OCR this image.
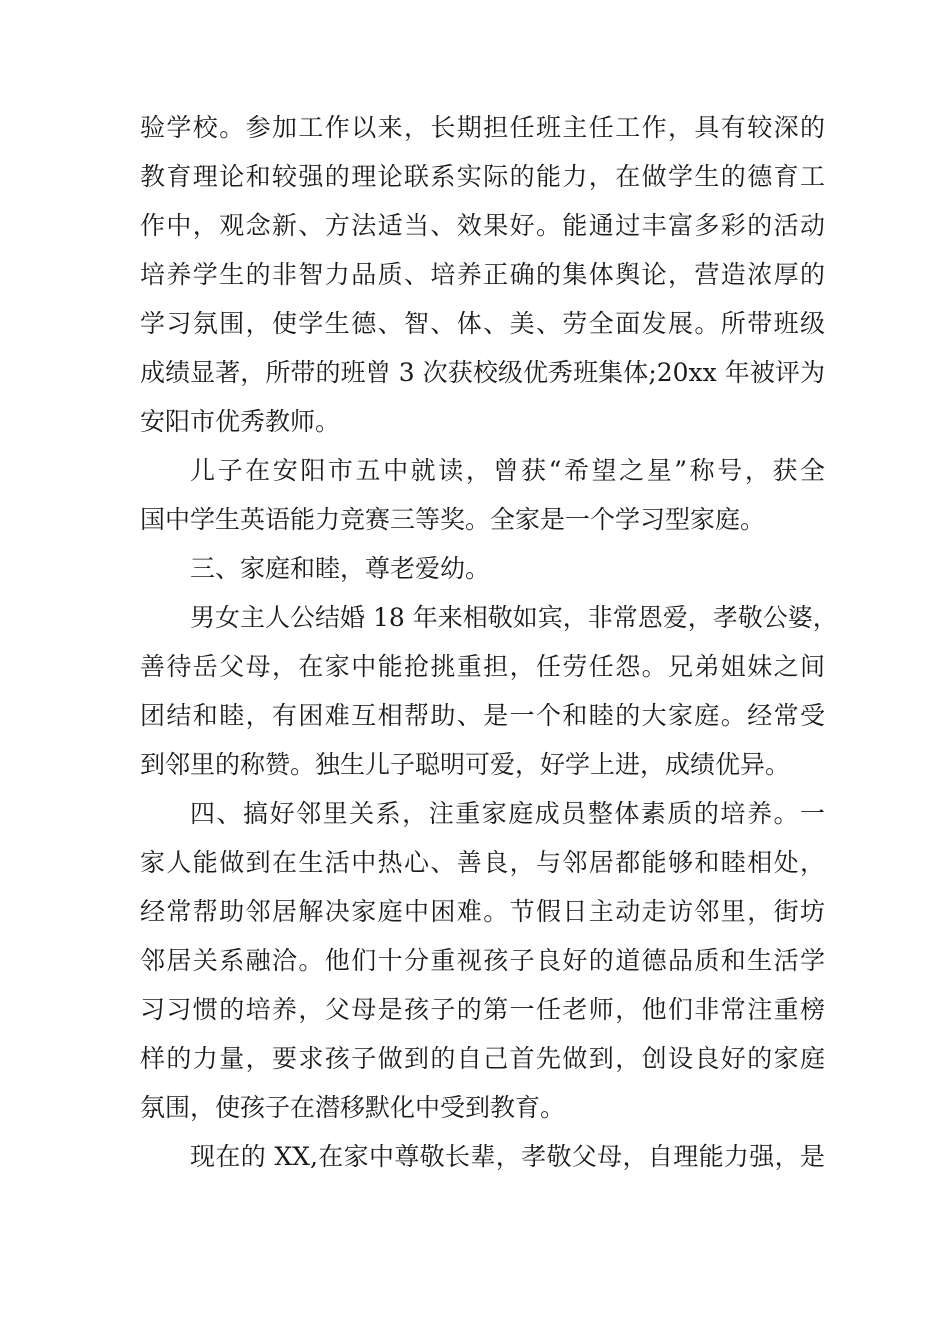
验学校。参加工作以来，长期担任班主任工作，具有较深的
教育理论和较强的理论联系实际的能力，在做学生的德育工
作中，观念新、方法适当、效果好。能通过丰富多彩的活动
培养学生的非智力品质、培养正确的集体舆论，营造浓厚的
学习氛围，使学生德、智、体、美、劳全面发展。所带班级
成绩显著，所带的班曾 3 次获校级优秀班集体;20xx 年被评为
安阳市优秀教师。
儿子在安阳市五中就读，曾获“希望之星”称号，获全
国中学生英语能力竞赛三等奖。全家是一个学习型家庭。
三、家庭和睦，尊老爱幼。
男女主人公结婚 18 年来相敬如宾，非常恩爱，孝敬公婆，
善待岳父母，在家中能抢挑重担，任劳任怨。兄弟姐妹之间
团结和睦，有困难互相帮助、是一个和睦的大家庭。经常受
到邻里的称赞。独生儿子聪明可爱，好学上进，成绩优异。
四、搞好邻里关系，注重家庭成员整体素质的培养。一
家人能做到在生活中热心、善良，与邻居都能够和睦相处，
经常帮助邻居解决家庭中困难。节假日主动走访邻里，街坊
邻居关系融洽。他们十分重视孩子良好的道德品质和生活学
习习惯的培养，父母是孩子的第一任老师，他们非常注重榜
样的力量，要求孩子做到的自己首先做到，创设良好的家庭
氛围，使孩子在潜移默化中受到教育。
现在的 XX,在家中尊敬长辈，孝敬父母，自理能力强，是
